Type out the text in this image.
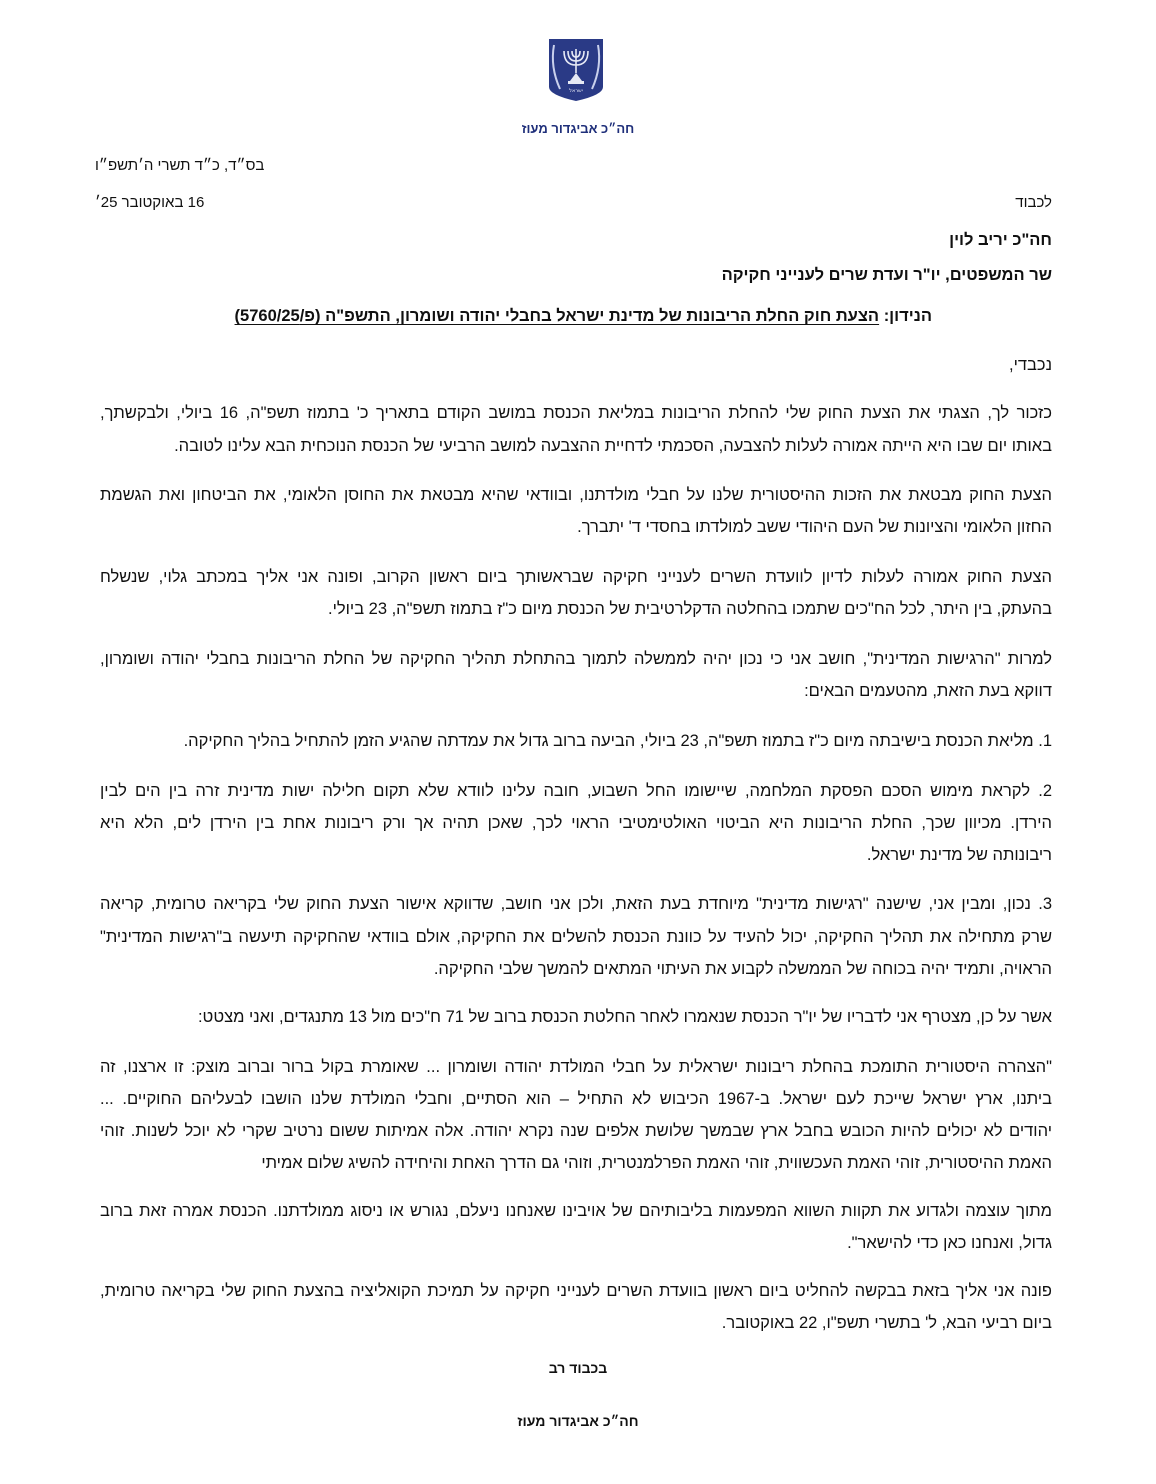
ישראל
חה״כ אביגדור מעוז
בס״ד, כ״ד תשרי ה׳תשפ״ו
16 באוקטובר 25׳	לכבוד
חה"כ יריב לוין
שר המשפטים, יו"ר ועדת שרים לענייני חקיקה
הנידון: הצעת חוק החלת הריבונות של מדינת ישראל בחבלי יהודה ושומרון, התשפ"ה (פ/5760/25)
נכבדי,
כזכור לך, הצגתי את הצעת החוק שלי להחלת הריבונות במליאת הכנסת במושב הקודם בתאריך כ' בתמוז תשפ"ה, 16 ביולי, ולבקשתך,
באותו יום שבו היא הייתה אמורה לעלות להצבעה, הסכמתי לדחיית ההצבעה למושב הרביעי של הכנסת הנוכחית הבא עלינו לטובה.
הצעת החוק מבטאת את הזכות ההיסטורית שלנו על חבלי מולדתנו, ובוודאי שהיא מבטאת את החוסן הלאומי, את הביטחון ואת הגשמת
החזון הלאומי והציונות של העם היהודי ששב למולדתו בחסדי ד' יתברך.
הצעת החוק אמורה לעלות לדיון לוועדת השרים לענייני חקיקה שבראשותך ביום ראשון הקרוב, ופונה אני אליך במכתב גלוי, שנשלח
בהעתק, בין היתר, לכל הח"כים שתמכו בהחלטה הדקלרטיבית של הכנסת מיום כ"ז בתמוז תשפ"ה, 23 ביולי.
למרות "הרגישות המדינית", חושב אני כי נכון יהיה לממשלה לתמוך בהתחלת תהליך החקיקה של החלת הריבונות בחבלי יהודה ושומרון,
דווקא בעת הזאת, מהטעמים הבאים:
1. מליאת הכנסת בישיבתה מיום כ"ז בתמוז תשפ"ה, 23 ביולי, הביעה ברוב גדול את עמדתה שהגיע הזמן להתחיל בהליך החקיקה.
2. לקראת מימוש הסכם הפסקת המלחמה, שיישומו החל השבוע, חובה עלינו לוודא שלא תקום חלילה ישות מדינית זרה בין הים לבין
הירדן. מכיוון שכך, החלת הריבונות היא הביטוי האולטימטיבי הראוי לכך, שאכן תהיה אך ורק ריבונות אחת בין הירדן לים, הלא היא
ריבונותה של מדינת ישראל.
3. נכון, ומבין אני, שישנה "רגישות מדינית" מיוחדת בעת הזאת, ולכן אני חושב, שדווקא אישור הצעת החוק שלי בקריאה טרומית, קריאה
שרק מתחילה את תהליך החקיקה, יכול להעיד על כוונת הכנסת להשלים את החקיקה, אולם בוודאי שהחקיקה תיעשה ב"רגישות המדינית"
הראויה, ותמיד יהיה בכוחה של הממשלה לקבוע את העיתוי המתאים להמשך שלבי החקיקה.
אשר על כן, מצטרף אני לדבריו של יו"ר הכנסת שנאמרו לאחר החלטת הכנסת ברוב של 71 ח"כים מול 13 מתנגדים, ואני מצטט:
"הצהרה היסטורית התומכת בהחלת ריבונות ישראלית על חבלי המולדת יהודה ושומרון ... שאומרת בקול ברור וברוב מוצק: זו ארצנו, זה
ביתנו, ארץ ישראל שייכת לעם ישראל. ב-1967 הכיבוש לא התחיל – הוא הסתיים, וחבלי המולדת שלנו הושבו לבעליהם החוקיים. ...
יהודים לא יכולים להיות הכובש בחבל ארץ שבמשך שלושת אלפים שנה נקרא יהודה. אלה אמיתות ששום נרטיב שקרי לא יוכל לשנות. זוהי
האמת ההיסטורית, זוהי האמת העכשווית, זוהי האמת הפרלמנטרית, וזוהי גם הדרך האחת והיחידה להשיג שלום אמיתי
מתוך עוצמה ולגדוע את תקוות השווא המפעמות בליבותיהם של אויבינו שאנחנו ניעלם, נגורש או ניסוג ממולדתנו. הכנסת אמרה זאת ברוב
גדול, ואנחנו כאן כדי להישאר".
פונה אני אליך בזאת בבקשה להחליט ביום ראשון בוועדת השרים לענייני חקיקה על תמיכת הקואליציה בהצעת החוק שלי בקריאה טרומית,
ביום רביעי הבא, ל' בתשרי תשפ"ו, 22 באוקטובר.
בכבוד רב
חה״כ אביגדור מעוז
